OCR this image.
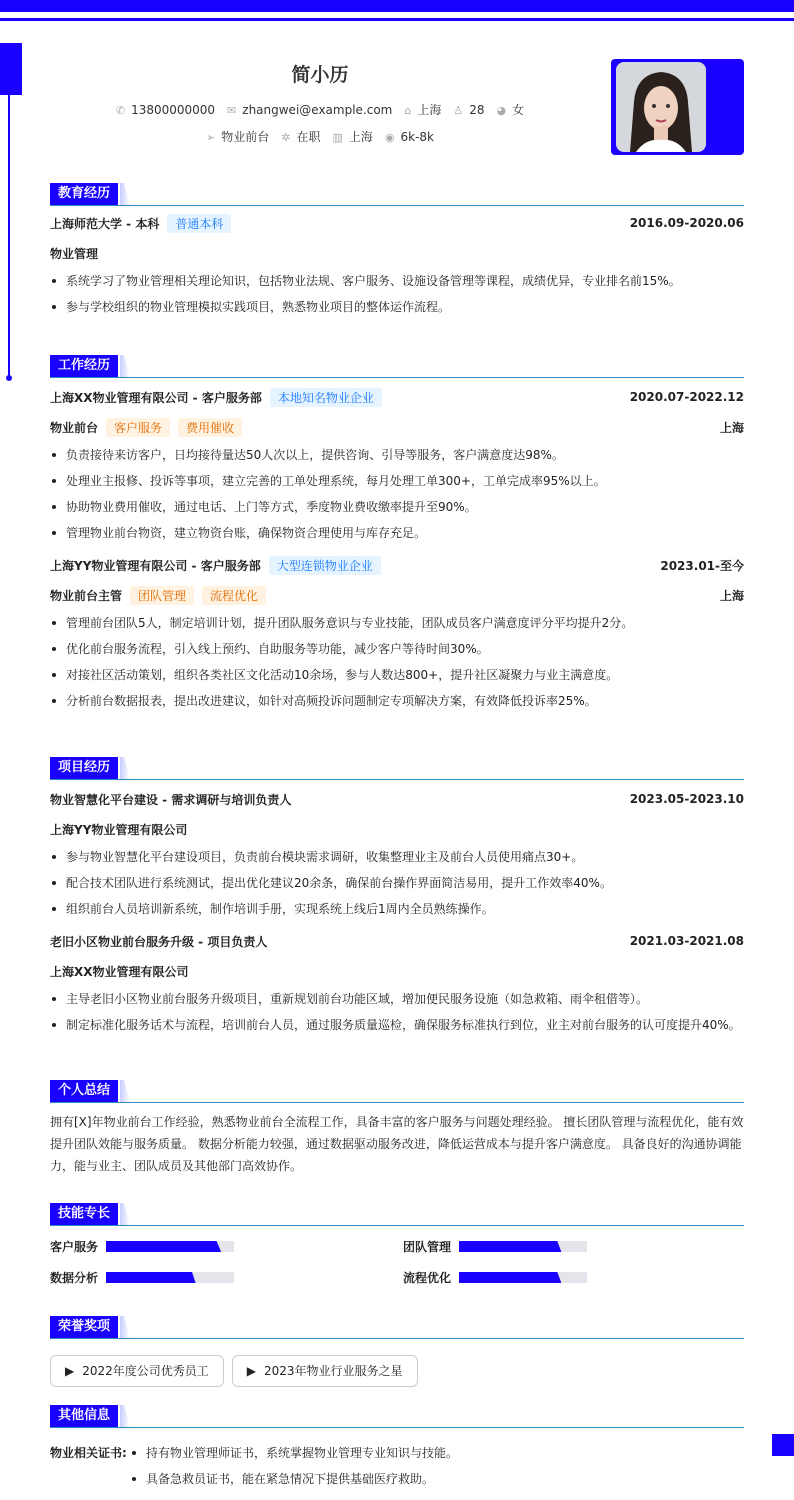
简小历
✆ 13800000000 ✉ zhangwei@example.com ⌂ 上海 ♙ 28 ◕ 女
➢ 物业前台 ✲ 在职 ▥ 上海 ◉ 6k-8k
教育经历
上海师范大学 - 本科	普通本科	2016.09-2020.06
物业管理
系统学习了物业管理相关理论知识，包括物业法规、客户服务、设施设备管理等课程，成绩优异，专业排名前15%。
参与学校组织的物业管理模拟实践项目，熟悉物业项目的整体运作流程。
工作经历
上海XX物业管理有限公司 - 客户服务部	本地知名物业企业	2020.07-2022.12
物业前台	客户服务	费用催收	上海
负责接待来访客户，日均接待量达50人次以上，提供咨询、引导等服务，客户满意度达98%。
处理业主报修、投诉等事项，建立完善的工单处理系统，每月处理工单300+，工单完成率95%以上。
协助物业费用催收，通过电话、上门等方式，季度物业费收缴率提升至90%。
管理物业前台物资，建立物资台账，确保物资合理使用与库存充足。
上海YY物业管理有限公司 - 客户服务部	大型连锁物业企业	2023.01-至今
物业前台主管	团队管理	流程优化	上海
管理前台团队5人，制定培训计划，提升团队服务意识与专业技能，团队成员客户满意度评分平均提升2分。
优化前台服务流程，引入线上预约、自助服务等功能，减少客户等待时间30%。
对接社区活动策划，组织各类社区文化活动10余场，参与人数达800+，提升社区凝聚力与业主满意度。
分析前台数据报表，提出改进建议，如针对高频投诉问题制定专项解决方案，有效降低投诉率25%。
项目经历
物业智慧化平台建设 - 需求调研与培训负责人	2023.05-2023.10
上海YY物业管理有限公司
参与物业智慧化平台建设项目，负责前台模块需求调研，收集整理业主及前台人员使用痛点30+。
配合技术团队进行系统测试，提出优化建议20余条，确保前台操作界面简洁易用，提升工作效率40%。
组织前台人员培训新系统，制作培训手册，实现系统上线后1周内全员熟练操作。
老旧小区物业前台服务升级 - 项目负责人	2021.03-2021.08
上海XX物业管理有限公司
主导老旧小区物业前台服务升级项目，重新规划前台功能区域，增加便民服务设施（如急救箱、雨伞租借等）。
制定标准化服务话术与流程，培训前台人员，通过服务质量巡检，确保服务标准执行到位，业主对前台服务的认可度提升40%。
个人总结
拥有[X]年物业前台工作经验，熟悉物业前台全流程工作，具备丰富的客户服务与问题处理经验。 擅长团队管理与流程优化，能有效提升团队效能与服务质量。 数据分析能力较强，通过数据驱动服务改进，降低运营成本与提升客户满意度。 具备良好的沟通协调能力，能与业主、团队成员及其他部门高效协作。
技能专长
客户服务	团队管理
数据分析	流程优化
荣誉奖项
▶ 2022年度公司优秀员工	▶ 2023年物业行业服务之星
其他信息
物业相关证书:	持有物业管理师证书，系统掌握物业管理专业知识与技能。
具备急救员证书，能在紧急情况下提供基础医疗救助。
